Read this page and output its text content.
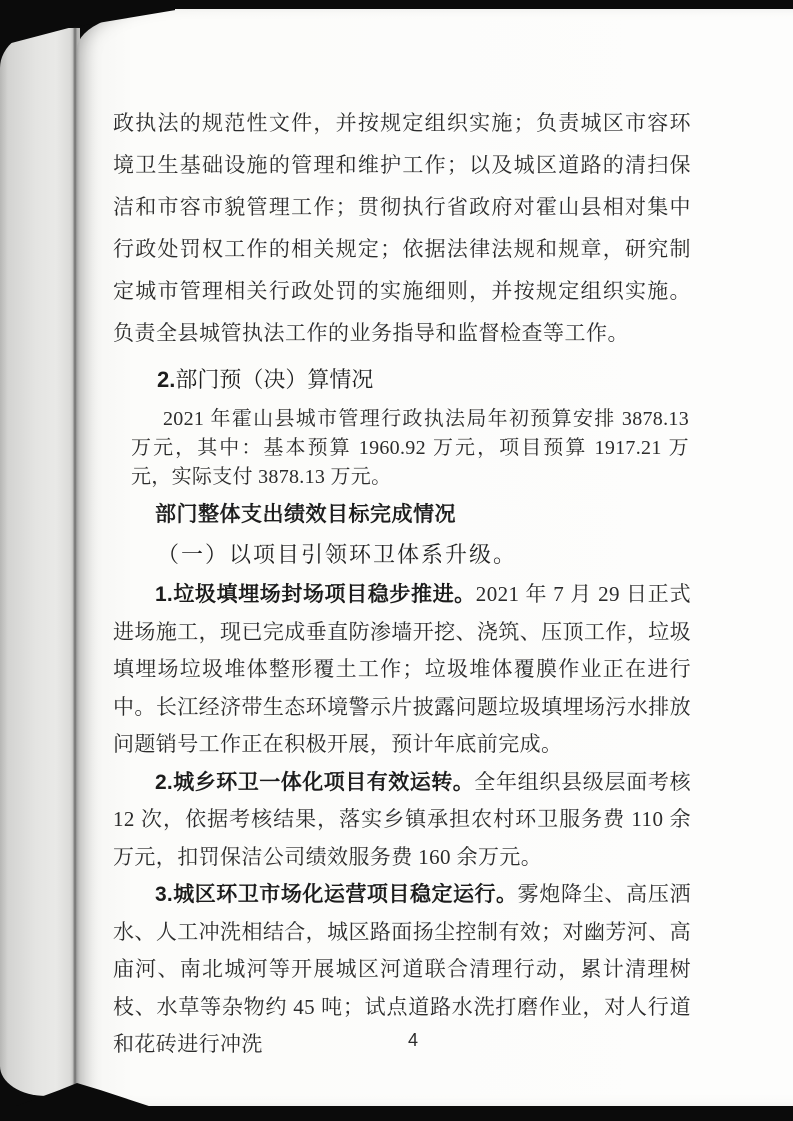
政执法的规范性文件，并按规定组织实施；负责城区市容环境卫生基础设施的管理和维护工作；以及城区道路的清扫保洁和市容市貌管理工作；贯彻执行省政府对霍山县相对集中行政处罚权工作的相关规定；依据法律法规和规章，研究制定城市管理相关行政处罚的实施细则，并按规定组织实施。负责全县城管执法工作的业务指导和监督检查等工作。

2.部门预（决）算情况

2021 年霍山县城市管理行政执法局年初预算安排 3878.13 万元，其中：基本预算 1960.92 万元，项目预算 1917.21 万元，实际支付 3878.13 万元。

部门整体支出绩效目标完成情况

（一）以项目引领环卫体系升级。

1.垃圾填埋场封场项目稳步推进。2021 年 7 月 29 日正式进场施工，现已完成垂直防渗墙开挖、浇筑、压顶工作，垃圾填埋场垃圾堆体整形覆土工作；垃圾堆体覆膜作业正在进行中。长江经济带生态环境警示片披露问题垃圾填埋场污水排放问题销号工作正在积极开展，预计年底前完成。

2.城乡环卫一体化项目有效运转。全年组织县级层面考核 12 次，依据考核结果，落实乡镇承担农村环卫服务费 110 余万元，扣罚保洁公司绩效服务费 160 余万元。

3.城区环卫市场化运营项目稳定运行。雾炮降尘、高压洒水、人工冲洗相结合，城区路面扬尘控制有效；对幽芳河、高庙河、南北城河等开展城区河道联合清理行动，累计清理树枝、水草等杂物约 45 吨；试点道路水洗打磨作业，对人行道和花砖进行冲洗	4
